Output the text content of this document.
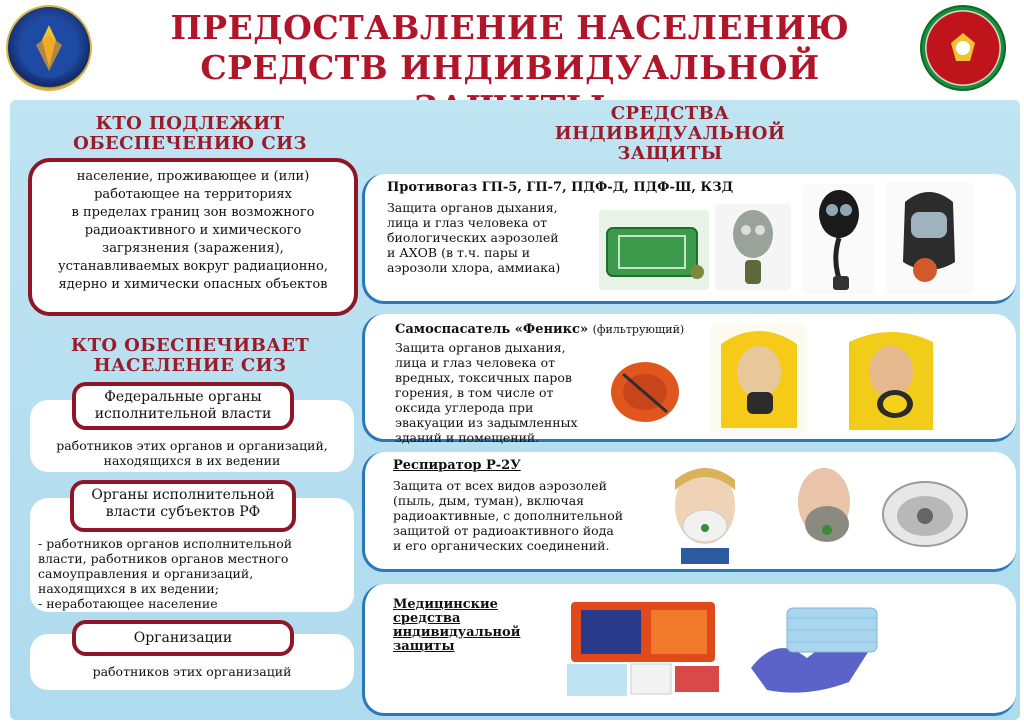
ПРЕДОСТАВЛЕНИЕ НАСЕЛЕНИЮ
СРЕДСТВ ИНДИВИДУАЛЬНОЙ
КТО ПОДЛЕЖИТ
ОБЕСПЕЧЕНИЮ СИЗ
население, проживающее и (или)
работающее на территориях
в пределах границ зон возможного
радиоактивного и химического
загрязнения (заражения),
устанавливаемых вокруг радиационно,
ядерно и химически опасных объектов
КТО ОБЕСПЕЧИВАЕТ
НАСЕЛЕНИЕ СИЗ
работников этих органов и организаций,
находящихся в их ведении
Федеральные органы
исполнительной власти
- работников органов исполнительной
власти, работников органов местного
самоуправления и организаций,
находящихся в их ведении;
- неработающее население
Органы исполнительной
власти субъектов РФ
работников этих организаций
Организации
СРЕДСТВА
ИНДИВИДУАЛЬНОЙ
ЗАЩИТЫ
Противогаз ГП-5, ГП-7, ПДФ-Д, ПДФ-Ш, КЗД
Защита органов дыхания,
лица и глаз человека от
биологических аэрозолей
и АХОВ (в т.ч. пары и
аэрозоли хлора, аммиака)
Самоспасатель «Феникс» (фильтрующий)
Защита органов дыхания,
лица и глаз человека от
вредных, токсичных паров
горения, в том числе от
оксида углерода при
эвакуации из задымленных
зданий и помещений.
Респиратор Р-2У
Защита от всех видов аэрозолей
(пыль, дым, туман), включая
радиоактивные, с дополнительной
защитой от радиоактивного йода
и его органических соединений.
Медицинские
средства
индивидуальной
защиты
